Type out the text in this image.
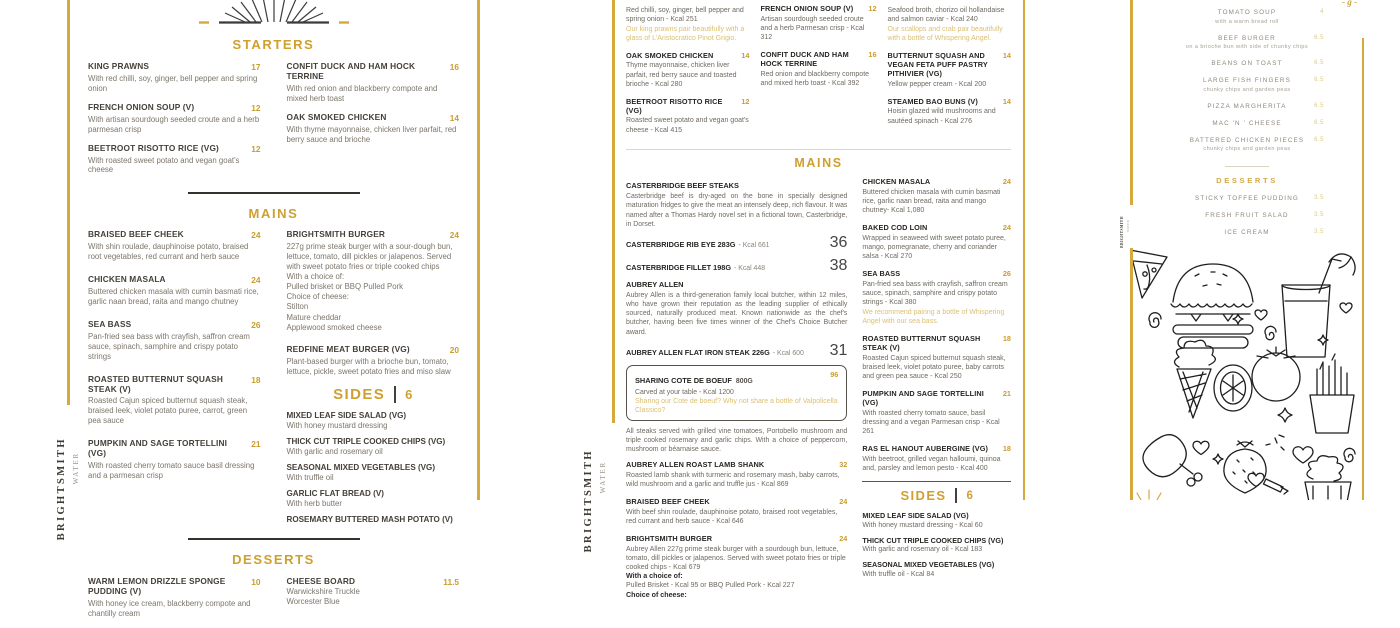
BRIGHTSMITH WATER
STARTERS
KING PRAWNS	17
With red chilli, soy, ginger, bell pepper and spring onion
FRENCH ONION SOUP (V)	12
With artisan sourdough seeded croute and a herb parmesan crisp
BEETROOT RISOTTO RICE (VG)	12
With roasted sweet potato and vegan goat's cheese
CONFIT DUCK AND HAM HOCK TERRINE
16
With red onion and blackberry compote and mixed herb toast
OAK SMOKED CHICKEN	14
With thyme mayonnaise, chicken liver parfait, red berry sauce and brioche
MAINS
BRAISED BEEF CHEEK	24
With shin roulade, dauphinoise potato, braised root vegetables, red currant and herb sauce
CHICKEN MASALA	24
Buttered chicken masala with cumin basmati rice, garlic naan bread, raita and mango chutney
SEA BASS	26
Pan-fried sea bass with crayfish, saffron cream sauce, spinach, samphire and crispy potato strings
ROASTED BUTTERNUT SQUASH STEAK (V)
18
Roasted Cajun spiced butternut squash steak, braised leek, violet potato puree, carrot, green pea sauce
PUMPKIN AND SAGE TORTELLINI (VG)
21
With roasted cherry tomato sauce basil dressing and a parmesan crisp
BRIGHTSMITH BURGER	24
227g prime steak burger with a sour-dough bun, lettuce, tomato, dill pickles or jalapenos. Served with sweet potato fries or triple cooked chips
With a choice of:
Pulled brisket or BBQ Pulled Pork
Choice of cheese:
Stilton
Mature cheddar
Applewood smoked cheese
REDFINE MEAT BURGER (VG)	20
Plant-based burger with a brioche bun, tomato, lettuce, pickle, sweet potato fries and miso slaw
SIDES 6
MIXED LEAF SIDE SALAD (VG)
With honey mustard dressing
THICK CUT TRIPLE COOKED CHIPS (VG)
With garlic and rosemary oil
SEASONAL MIXED VEGETABLES (VG)
With truffle oil
GARLIC FLAT BREAD (V)
With herb butter
ROSEMARY BUTTERED MASH POTATO (V)
DESSERTS
WARM LEMON DRIZZLE SPONGE PUDDING (V)
10
With honey ice cream, blackberry compote and chantilly cream
CHEESE BOARD	11.5
Warwickshire Truckle
Worcester Blue
BRIGHTSMITH WATER
Red chilli, soy, ginger, bell pepper and spring onion - Kcal 251
Our king prawns pair beautifully with a glass of L'Aristocratico Pinot Grigio.
OAK SMOKED CHICKEN	14
Thyme mayonnaise, chicken liver parfait, red berry sauce and toasted brioche - Kcal 280
BEETROOT RISOTTO RICE (VG)
12
Roasted sweet potato and vegan goat's cheese - Kcal 415
FRENCH ONION SOUP (V) 12
Artisan sourdough seeded croute and a herb Parmesan crisp - Kcal 312
CONFIT DUCK AND HAM HOCK TERRINE
16
Red onion and blackberry compote and mixed herb toast - Kcal 392
Seafood broth, chorizo oil hollandaise and salmon caviar - Kcal 240
Our scallops and crab pair beautifully with a bottle of Whispering Angel.
BUTTERNUT SQUASH AND VEGAN FETA PUFF PASTRY PITHIVIER (VG)
14
Yellow pepper cream - Kcal 200
STEAMED BAO BUNS (V)	14
Hoisin glazed wild mushrooms and sautéed spinach - Kcal 276
MAINS
CASTERBRIDGE BEEF STEAKS
Casterbridge beef is dry-aged on the bone in specially designed maturation fridges to give the meat an intensely deep, rich flavour. It was named after a Thomas Hardy novel set in a fictional town, Casterbridge, in Dorset.
CASTERBRIDGE RIB EYE 283G - Kcal 661	36
CASTERBRIDGE FILLET 198G - Kcal 448	38
AUBREY ALLEN
Aubrey Allen is a third-generation family local butcher, within 12 miles, who have grown their reputation as the leading supplier of ethically sourced, naturally produced meat. Known nationwide as the chef's butcher, having been five times winner of the Chef's Choice Butcher award.
AUBREY ALLEN FLAT IRON STEAK 226G - Kcal 600 31
SHARING COTE DE BOEUF 800G
96
Carved at your table - Kcal 1200
Sharing our Cote de boeuf? Why not share a bottle of Valpolicella Classico?
All steaks served with grilled vine tomatoes, Portobello mushroom and triple cooked rosemary and garlic chips. With a choice of peppercorn, mushroom or béarnaise sauce.
AUBREY ALLEN ROAST LAMB SHANK	32
Roasted lamb shank with turmeric and rosemary mash, baby carrots, wild mushroom and a garlic and truffle jus - Kcal 869
BRAISED BEEF CHEEK	24
With beef shin roulade, dauphinoise potato, braised root vegetables, red currant and herb sauce - Kcal 646
BRIGHTSMITH BURGER	24
Aubrey Allen 227g prime steak burger with a sourdough bun, lettuce, tomato, dill pickles or jalapenos. Served with sweet potato fries or triple cooked chips - Kcal 679
With a choice of:
Pulled Brisket - Kcal 95 or BBQ Pulled Pork - Kcal 227
Choice of cheese:
CHICKEN MASALA	24
Buttered chicken masala with cumin basmati rice, garlic naan bread, raita and mango chutney- Kcal 1,080
BAKED COD LOIN	24
Wrapped in seaweed with sweet potato puree, mango, pomegranate, cherry and coriander salsa - Kcal 270
SEA BASS	26
Pan-fried sea bass with crayfish, saffron cream sauce, spinach, samphire and crispy potato strings - Kcal 380
We recommend pairing a bottle of Whispering Angel with our sea bass.
ROASTED BUTTERNUT SQUASH STEAK (V)
18
Roasted Cajun spiced butternut squash steak, braised leek, violet potato puree, baby carrots and green pea sauce - Kcal 250
PUMPKIN AND SAGE TORTELLINI (VG)
21
With roasted cherry tomato sauce, basil dressing and a vegan Parmesan crisp - Kcal 261
RAS EL HANOUT AUBERGINE (VG) 18
With beetroot, grilled vegan halloumi, quinoa and, parsley and lemon pesto - Kcal 400
SIDES 6
MIXED LEAF SIDE SALAD (VG)
With honey mustard dressing - Kcal 60
THICK CUT TRIPLE COOKED CHIPS (VG)
With garlic and rosemary oil - Kcal 183
SEASONAL MIXED VEGETABLES (VG)
With truffle oil - Kcal 84
BRIGHTSMITH WATER
- g -
TOMATO SOUP	4
with a warm bread roll
BEEF BURGER	6.5
on a brioche bun with side of chunky chips
BEANS ON TOAST	6.5
LARGE FISH FINGERS	6.5
chunky chips and garden peas
PIZZA MARGHERITA	6.5
MAC 'N ' CHEESE	6.5
BATTERED CHICKEN PIECES	6.5
chunky chips and garden peas
DESSERTS
STICKY TOFFEE PUDDING	3.5
FRESH FRUIT SALAD	3.5
ICE CREAM	3.5
